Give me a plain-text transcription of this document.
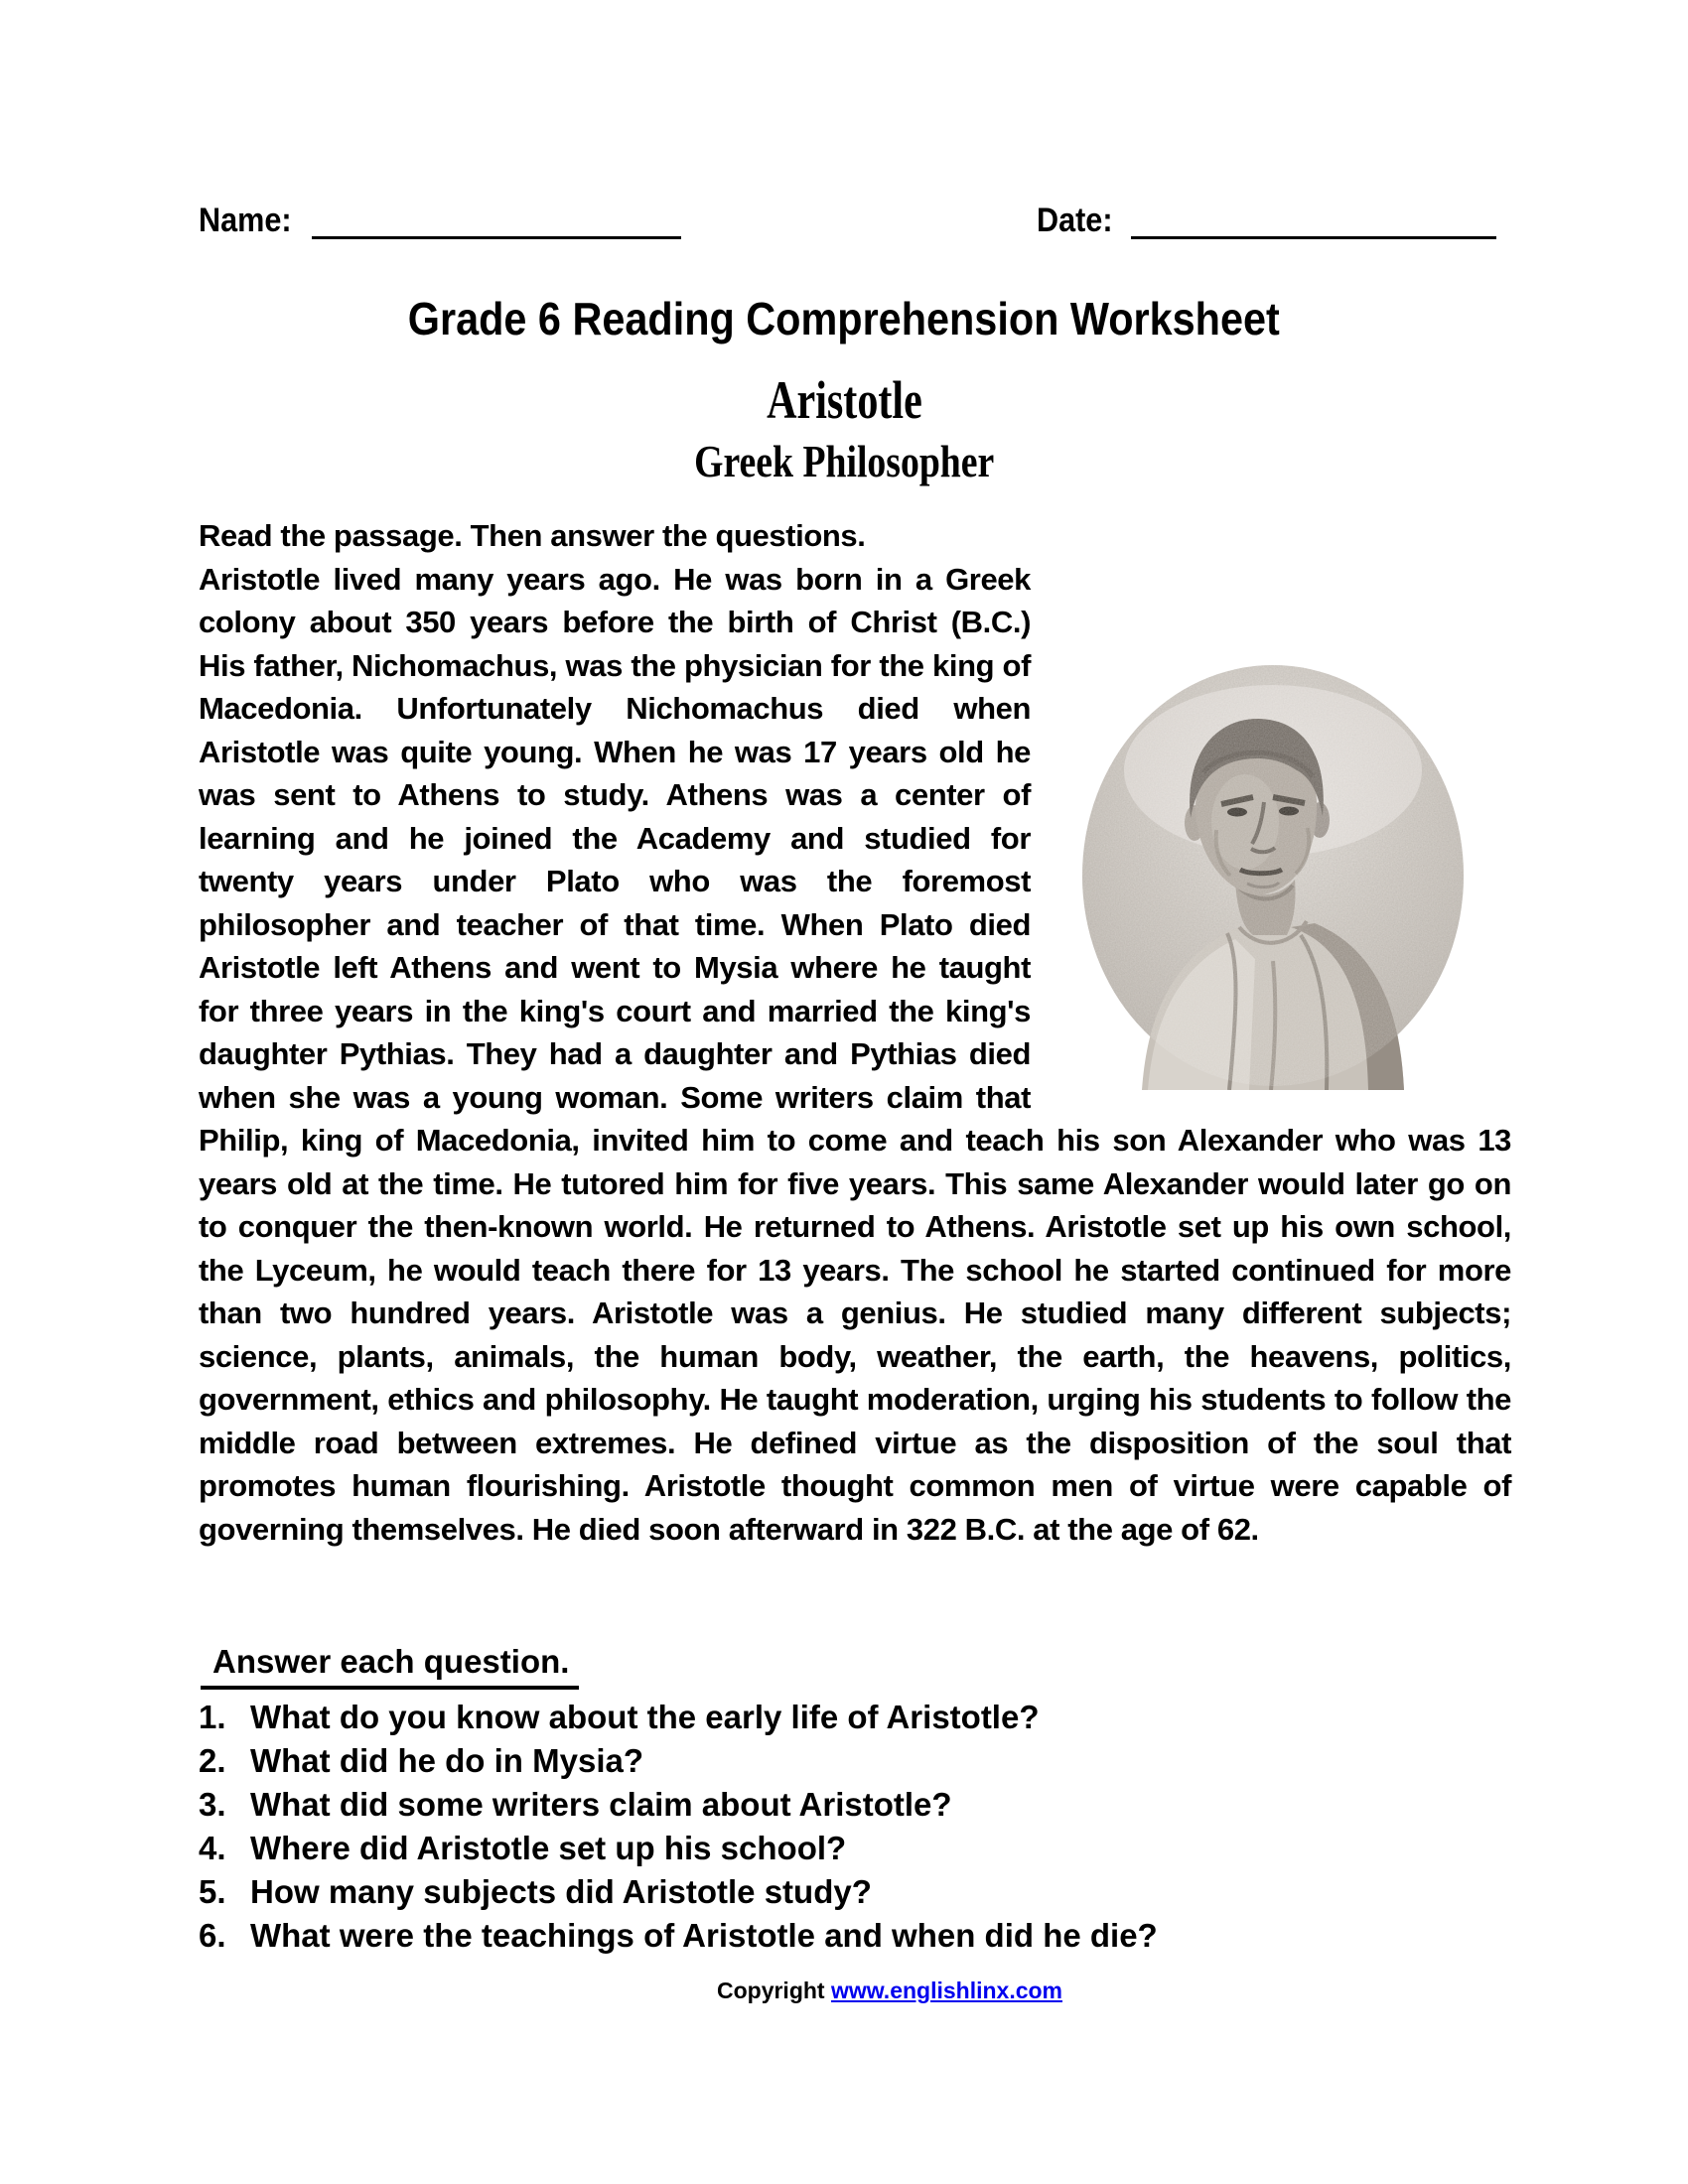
Name:	Date:
Grade 6 Reading Comprehension Worksheet
Aristotle
Greek Philosopher

Read the passage. Then answer the questions.

Aristotle lived many years ago. He was born in a Greek colony about 350 years before the birth of Christ (B.C.) His father, Nichomachus, was the physician for the king of Macedonia. Unfortunately Nichomachus died when Aristotle was quite young. When he was 17 years old he was sent to Athens to study. Athens was a center of learning and he joined the Academy and studied for twenty years under Plato who was the foremost philosopher and teacher of that time. When Plato died Aristotle left Athens and went to Mysia where he taught for three years in the king's court and married the king's daughter Pythias. They had a daughter and Pythias died when she was a young woman. Some writers claim that Philip, king of Macedonia, invited him to come and teach his son Alexander who was 13 years old at the time. He tutored him for five years. This same Alexander would later go on to conquer the then-known world. He returned to Athens. Aristotle set up his own school, the Lyceum, he would teach there for 13 years. The school he started continued for more than two hundred years. Aristotle was a genius. He studied many different subjects; science, plants, animals, the human body, weather, the earth, the heavens, politics, government, ethics and philosophy. He taught moderation, urging his students to follow the middle road between extremes. He defined virtue as the disposition of the soul that promotes human flourishing. Aristotle thought common men of virtue were capable of governing themselves. He died soon afterward in 322 B.C. at the age of 62.

Answer each question.

1. What do you know about the early life of Aristotle?
2. What did he do in Mysia?
3. What did some writers claim about Aristotle?
4. Where did Aristotle set up his school?
5. How many subjects did Aristotle study?
6. What were the teachings of Aristotle and when did he die?
Copyright www.englishlinx.com
